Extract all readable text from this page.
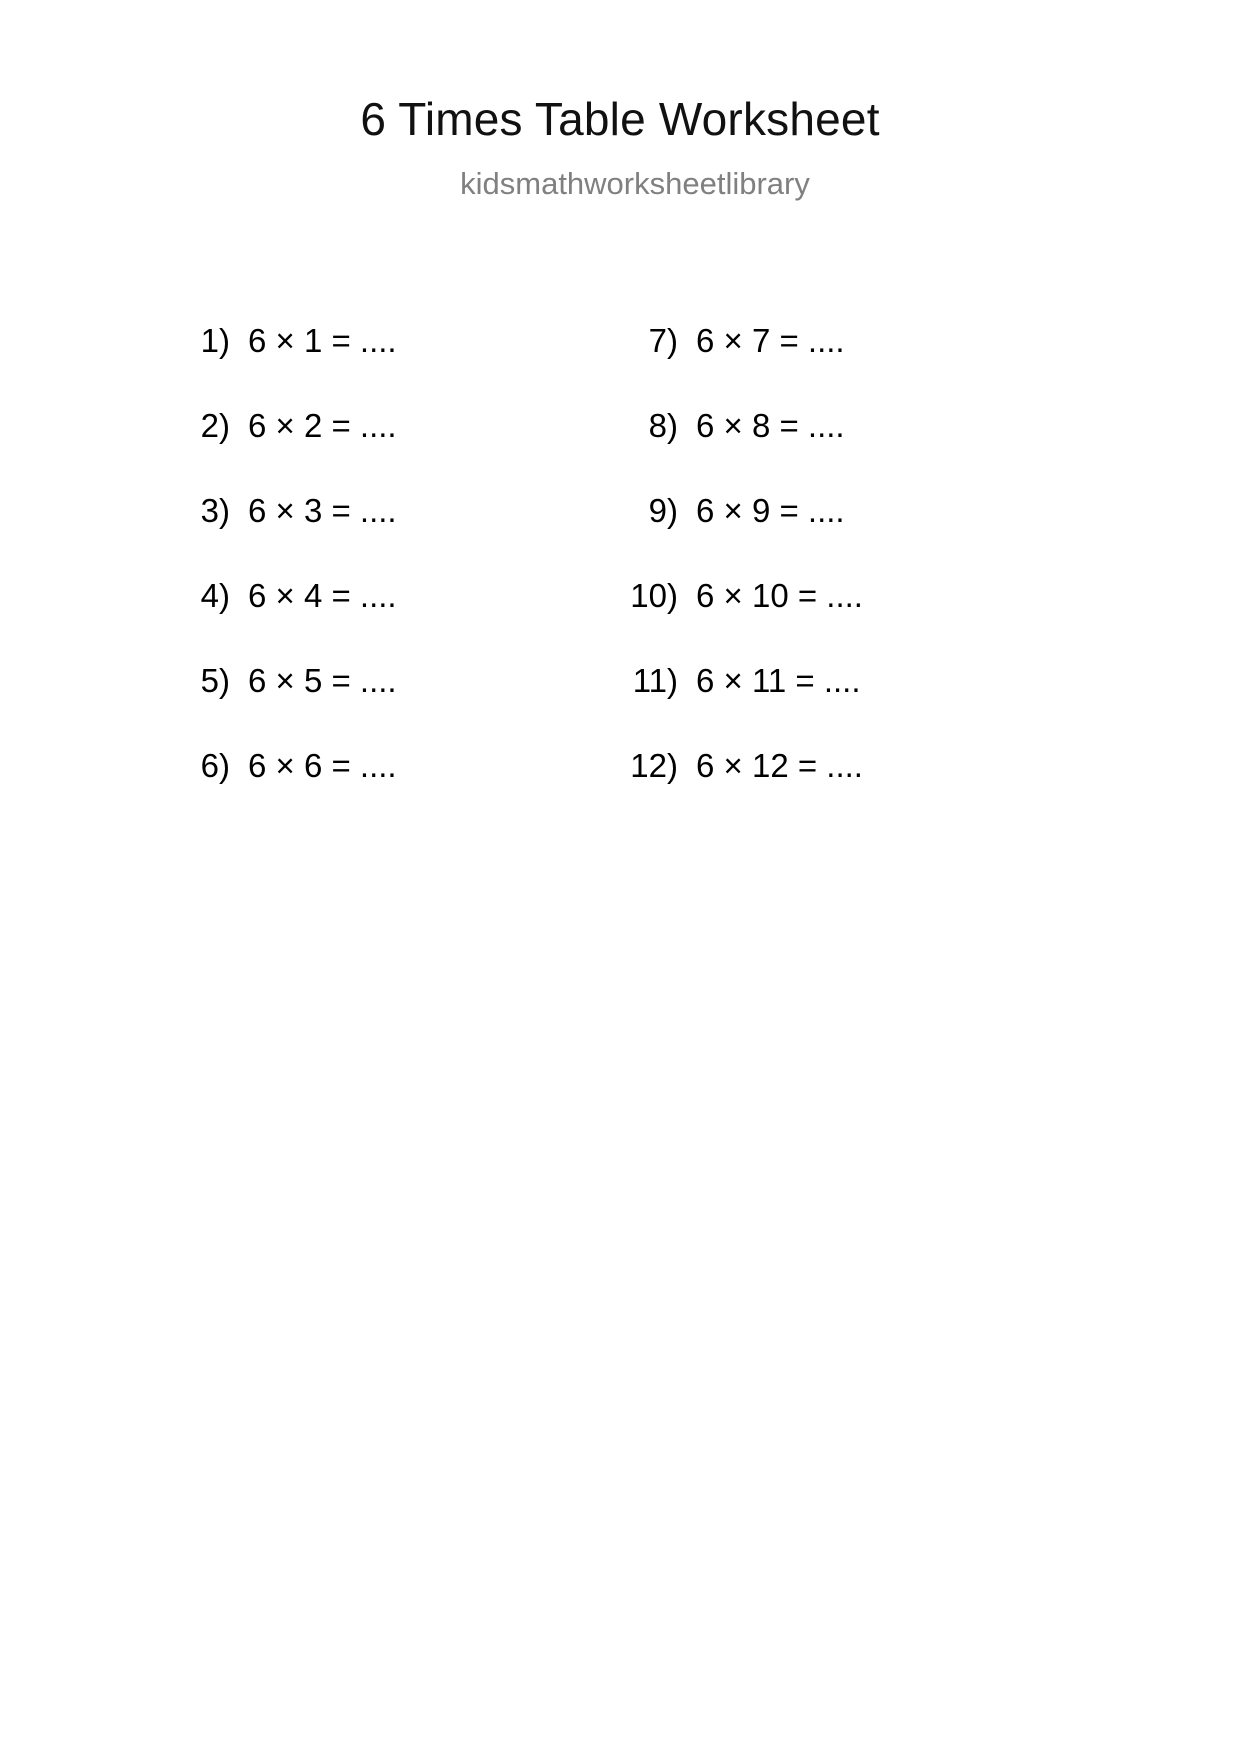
6 Times Table Worksheet
kidsmathworksheetlibrary
1) 6 × 1 = ....
2) 6 × 2 = ....
3) 6 × 3 = ....
4) 6 × 4 = ....
5) 6 × 5 = ....
6) 6 × 6 = ....
7) 6 × 7 = ....
8) 6 × 8 = ....
9) 6 × 9 = ....
10) 6 × 10 = ....
11) 6 × 11 = ....
12) 6 × 12 = ....
